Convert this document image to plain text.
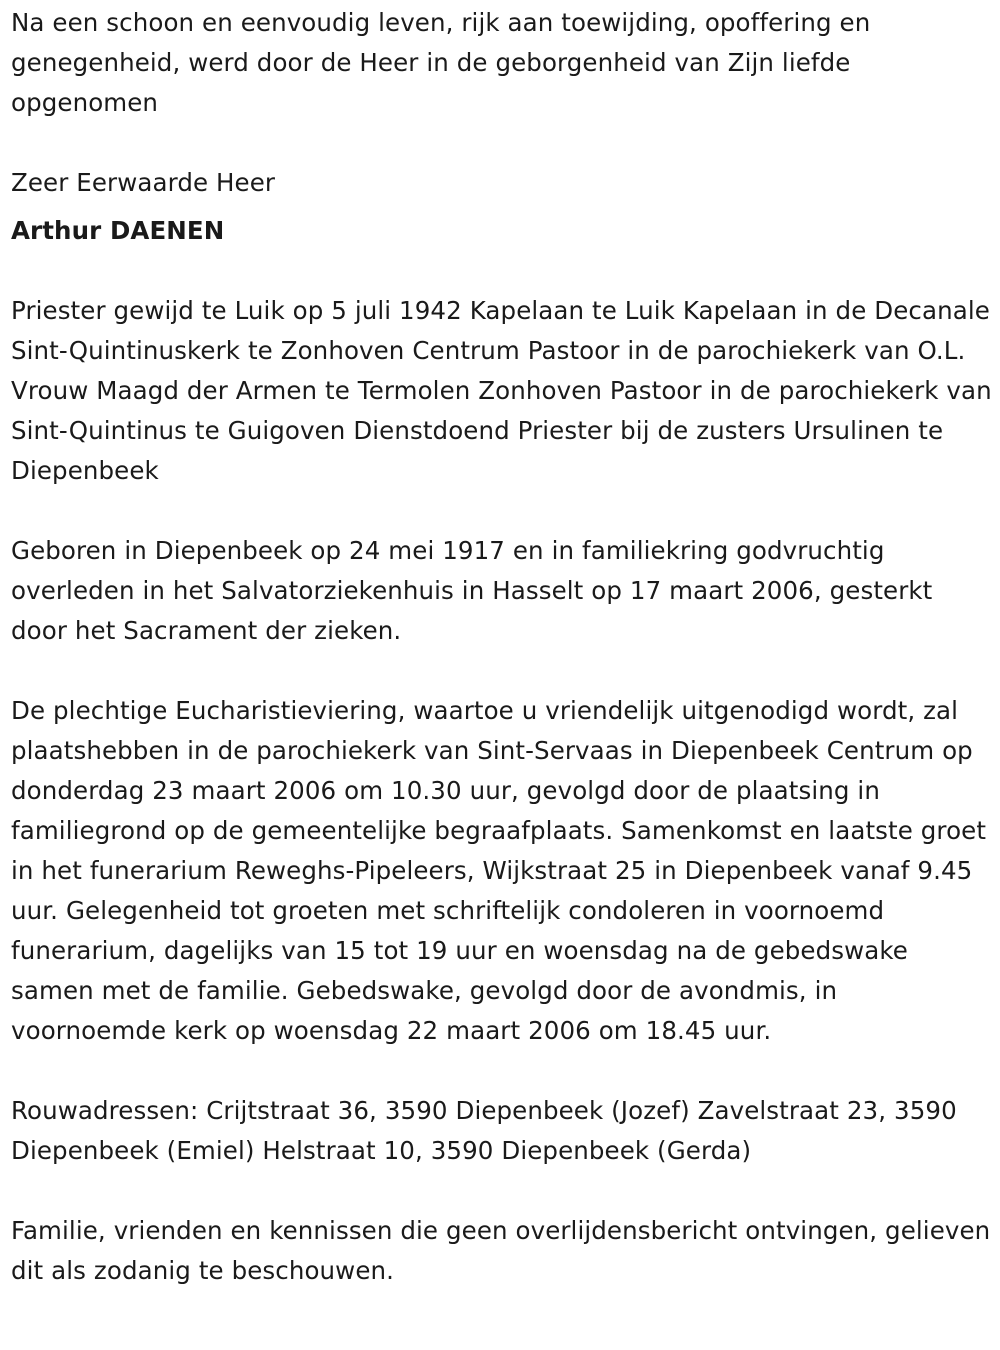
Na een schoon en eenvoudig leven, rijk aan toewijding, opoffering en genegenheid, werd door de Heer in de geborgenheid van Zijn liefde opgenomen

Zeer Eerwaarde Heer

Arthur DAENEN

Priester gewijd te Luik op 5 juli 1942 Kapelaan te Luik Kapelaan in de Decanale Sint-Quintinuskerk te Zonhoven Centrum Pastoor in de parochiekerk van O.L. Vrouw Maagd der Armen te Termolen Zonhoven Pastoor in de parochiekerk van Sint-Quintinus te Guigoven Dienstdoend Priester bij de zusters Ursulinen te Diepenbeek

Geboren in Diepenbeek op 24 mei 1917 en in familiekring godvruchtig overleden in het Salvatorziekenhuis in Hasselt op 17 maart 2006, gesterkt door het Sacrament der zieken.

De plechtige Eucharistieviering, waartoe u vriendelijk uitgenodigd wordt, zal plaatshebben in de parochiekerk van Sint-Servaas in Diepenbeek Centrum op donderdag 23 maart 2006 om 10.30 uur, gevolgd door de plaatsing in familiegrond op de gemeentelijke begraafplaats. Samenkomst en laatste groet in het funerarium Reweghs-Pipeleers, Wijkstraat 25 in Diepenbeek vanaf 9.45 uur. Gelegenheid tot groeten met schriftelijk condoleren in voornoemd funerarium, dagelijks van 15 tot 19 uur en woensdag na de gebedswake samen met de familie. Gebedswake, gevolgd door de avondmis, in voornoemde kerk op woensdag 22 maart 2006 om 18.45 uur.

Rouwadressen: Crijtstraat 36, 3590 Diepenbeek (Jozef) Zavelstraat 23, 3590 Diepenbeek (Emiel) Helstraat 10, 3590 Diepenbeek (Gerda)

Familie, vrienden en kennissen die geen overlijdensbericht ontvingen, gelieven dit als zodanig te beschouwen.
